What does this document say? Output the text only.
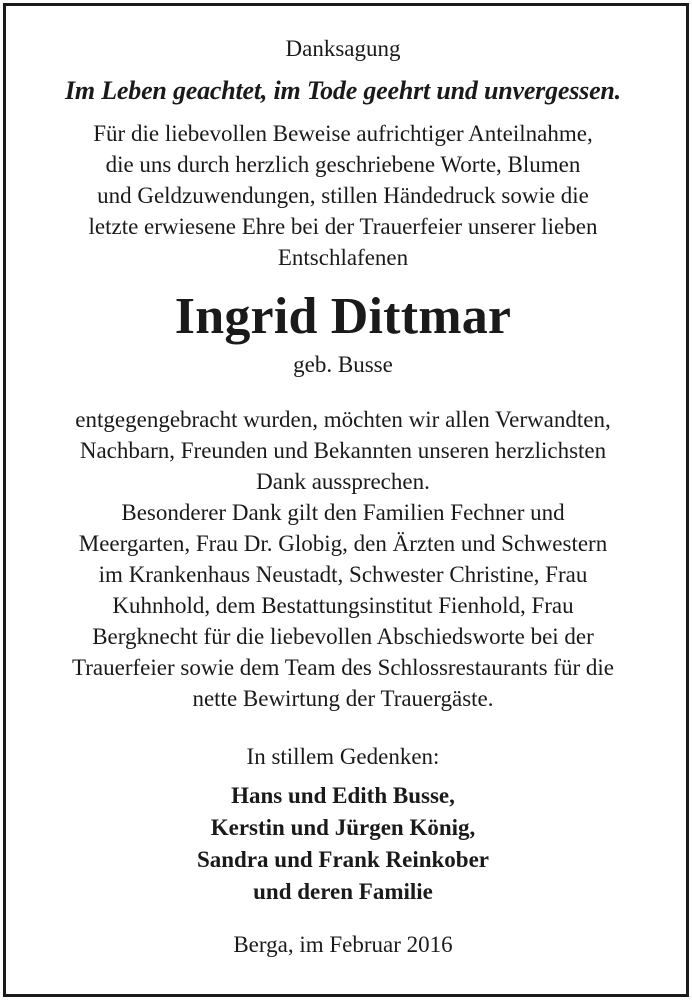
Danksagung
Im Leben geachtet, im Tode geehrt und unvergessen.
Für die liebevollen Beweise aufrichtiger Anteilnahme,
die uns durch herzlich geschriebene Worte, Blumen
und Geldzuwendungen, stillen Händedruck sowie die
letzte erwiesene Ehre bei der Trauerfeier unserer lieben
Entschlafenen
Ingrid Dittmar
geb. Busse
entgegengebracht wurden, möchten wir allen Verwandten,
Nachbarn, Freunden und Bekannten unseren herzlichsten
Dank aussprechen.
Besonderer Dank gilt den Familien Fechner und
Meergarten, Frau Dr. Globig, den Ärzten und Schwestern
im Krankenhaus Neustadt, Schwester Christine, Frau
Kuhnhold, dem Bestattungsinstitut Fienhold, Frau
Bergknecht für die liebevollen Abschiedsworte bei der
Trauerfeier sowie dem Team des Schlossrestaurants für die
nette Bewirtung der Trauergäste.
In stillem Gedenken:
Hans und Edith Busse,
Kerstin und Jürgen König,
Sandra und Frank Reinkober
und deren Familie
Berga, im Februar 2016
